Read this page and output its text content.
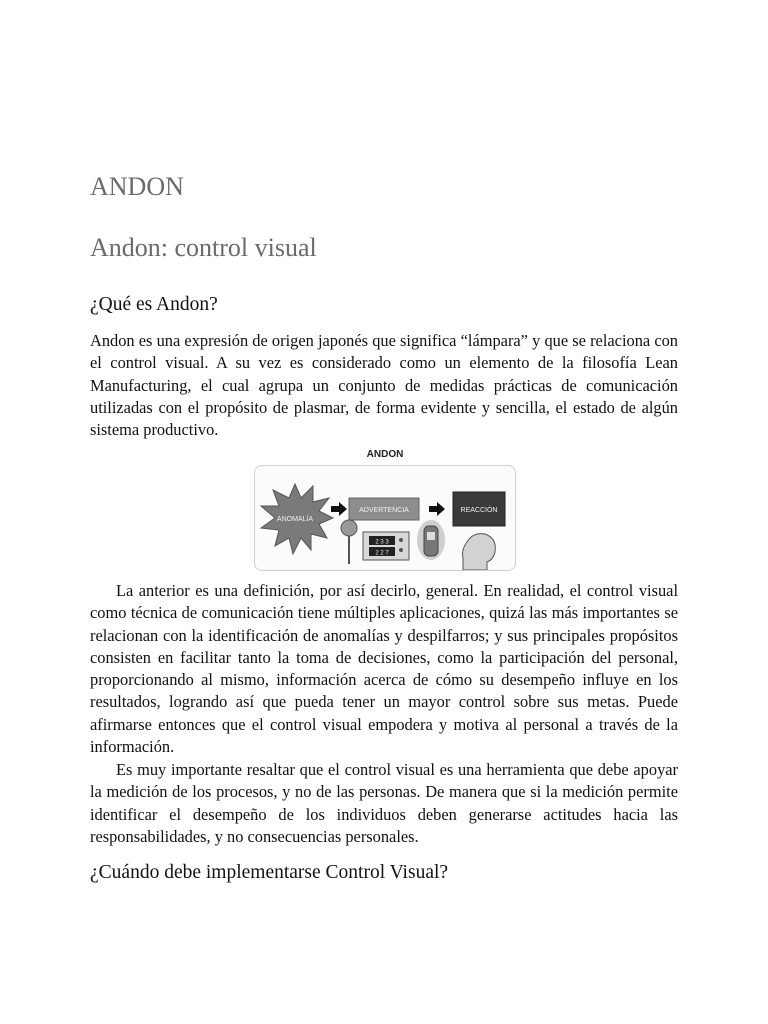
ANDON
Andon: control visual
¿Qué es Andon?

Andon es una expresión de origen japonés que significa “lámpara” y que se relaciona con el control visual. A su vez es considerado como un elemento de la filosofía Lean Manufacturing, el cual agrupa un conjunto de medidas prácticas de comunicación utilizadas con el propósito de plasmar, de forma evidente y sencilla, el estado de algún sistema productivo.

ANDON
ANOMALÍA
ADVERTENCIA
2 3 3
2 2 7
REACCIÓN

La anterior es una definición, por así decirlo, general. En realidad, el control visual como técnica de comunicación tiene múltiples aplicaciones, quizá las más importantes se relacionan con la identificación de anomalías y despilfarros; y sus principales propósitos consisten en facilitar tanto la toma de decisiones, como la participación del personal, proporcionando al mismo, información acerca de cómo su desempeño influye en los resultados, logrando así que pueda tener un mayor control sobre sus metas. Puede afirmarse entonces que el control visual empodera y motiva al personal a través de la información.

Es muy importante resaltar que el control visual es una herramienta que debe apoyar la medición de los procesos, y no de las personas. De manera que si la medición permite identificar el desempeño de los individuos deben generarse actitudes hacia las responsabilidades, y no consecuencias personales.

¿Cuándo debe implementarse Control Visual?
